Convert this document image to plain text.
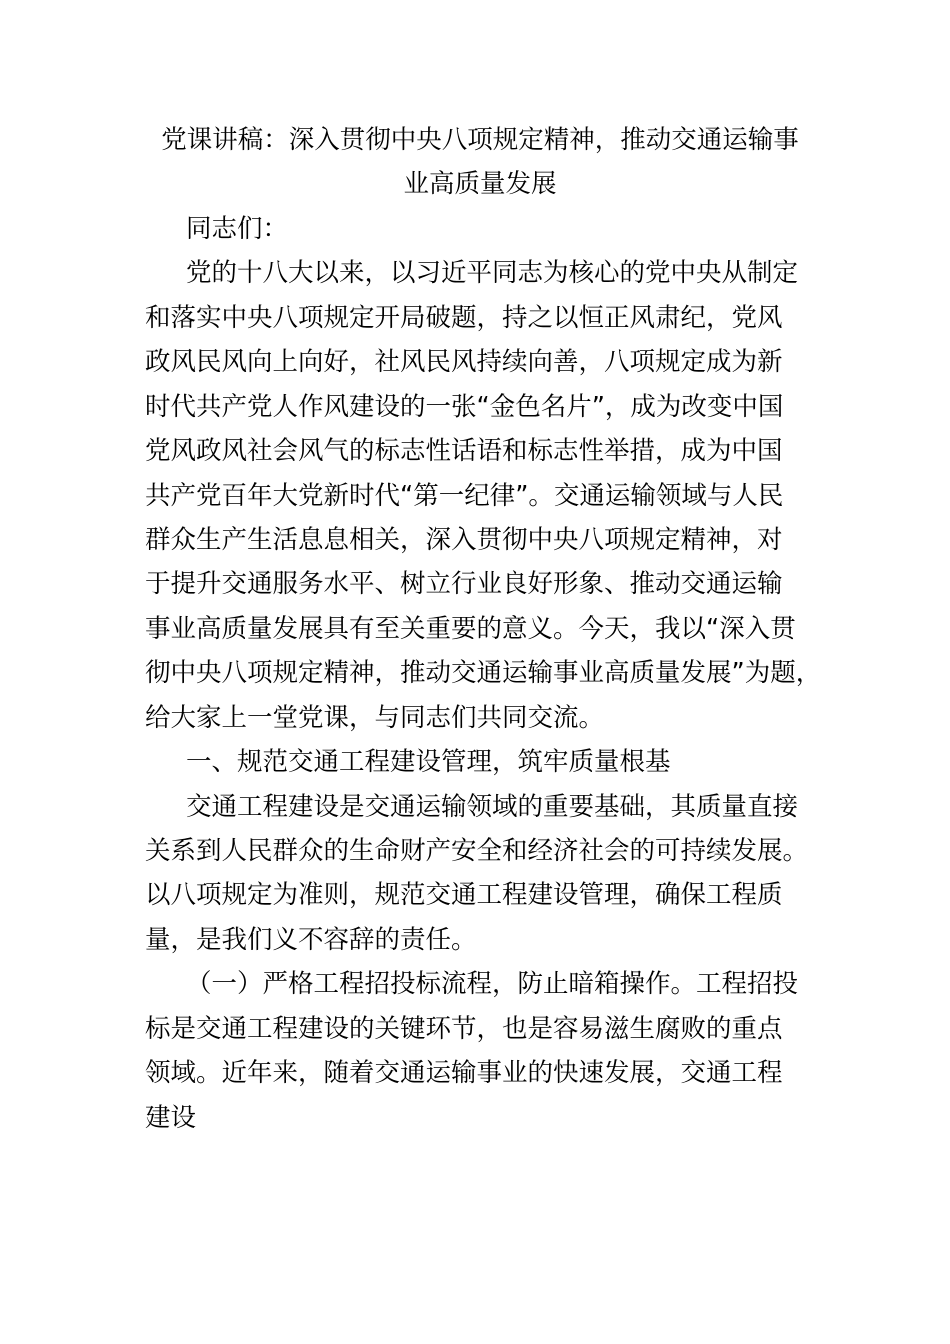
党课讲稿：深入贯彻中央八项规定精神，推动交通运输事
业高质量发展
同志们：
党的十八大以来，以习近平同志为核心的党中央从制定
和落实中央八项规定开局破题，持之以恒正风肃纪，党风
政风民风向上向好，社风民风持续向善，八项规定成为新
时代共产党人作风建设的一张“金色名片”，成为改变中国
党风政风社会风气的标志性话语和标志性举措，成为中国
共产党百年大党新时代“第一纪律”。交通运输领域与人民
群众生产生活息息相关，深入贯彻中央八项规定精神，对
于提升交通服务水平、树立行业良好形象、推动交通运输
事业高质量发展具有至关重要的意义。今天，我以“深入贯
彻中央八项规定精神，推动交通运输事业高质量发展”为题，
给大家上一堂党课，与同志们共同交流。
一、规范交通工程建设管理，筑牢质量根基
交通工程建设是交通运输领域的重要基础，其质量直接
关系到人民群众的生命财产安全和经济社会的可持续发展。
以八项规定为准则，规范交通工程建设管理，确保工程质
量，是我们义不容辞的责任。
（一）严格工程招投标流程，防止暗箱操作。工程招投
标是交通工程建设的关键环节，也是容易滋生腐败的重点
领域。近年来，随着交通运输事业的快速发展，交通工程
建设
